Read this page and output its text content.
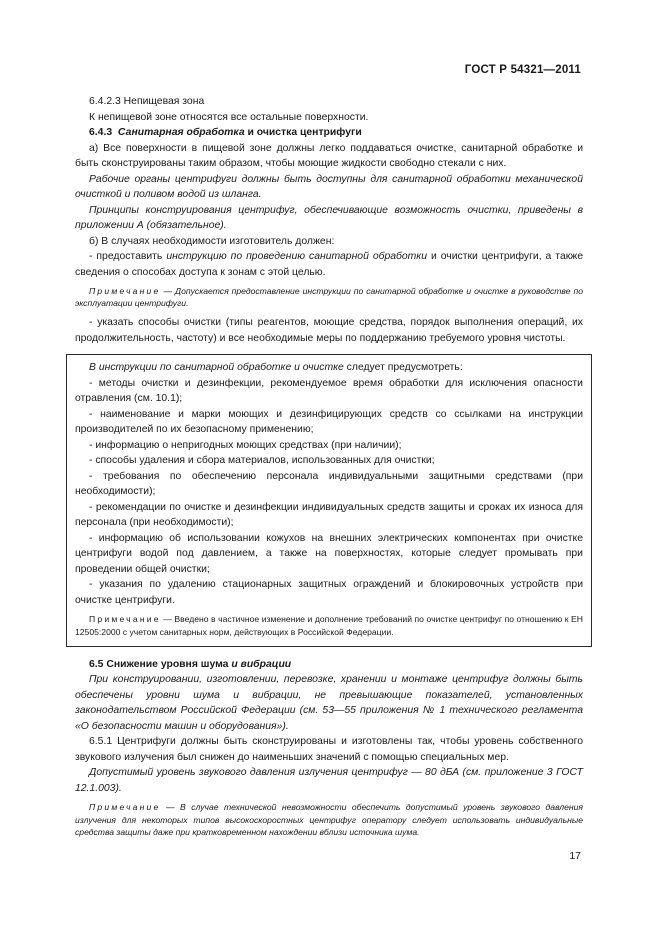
ГОСТ Р 54321—2011

6.4.2.3 Непищевая зона

К непищевой зоне относятся все остальные поверхности.

6.4.3 Санитарная обработка и очистка центрифуги

а) Все поверхности в пищевой зоне должны легко поддаваться очистке, санитарной обработке и быть сконструированы таким образом, чтобы моющие жидкости свободно стекали с них.

Рабочие органы центрифуги должны быть доступны для санитарной обработки механической очисткой и поливом водой из шланга.

Принципы конструирования центрифуг, обеспечивающие возможность очистки, приведены в приложении А (обязательное).

б) В случаях необходимости изготовитель должен:

- предоставить инструкцию по проведению санитарной обработки и очистки центрифуги, а также сведения о способах доступа к зонам с этой целью.

Примечание — Допускается предоставление инструкции по санитарной обработке и очистке в руководстве по эксплуатации центрифуги.

- указать способы очистки (типы реагентов, моющие средства, порядок выполнения операций, их продолжительность, частоту) и все необходимые меры по поддержанию требуемого уровня чистоты.

В инструкции по санитарной обработке и очистке следует предусмотреть:

- методы очистки и дезинфекции, рекомендуемое время обработки для исключения опасности отравления (см. 10.1);

- наименование и марки моющих и дезинфицирующих средств со ссылками на инструкции производителей по их безопасному применению;

- информацию о непригодных моющих средствах (при наличии);

- способы удаления и сбора материалов, использованных для очистки;

- требования по обеспечению персонала индивидуальными защитными средствами (при необходимости);

- рекомендации по очистке и дезинфекции индивидуальных средств защиты и сроках их износа для персонала (при необходимости);

- информацию об использовании кожухов на внешних электрических компонентах при очистке центрифуги водой под давлением, а также на поверхностях, которые следует промывать при проведении общей очистки;

- указания по удалению стационарных защитных ограждений и блокировочных устройств при очистке центрифуги.

Примечание — Введено в частичное изменение и дополнение требований по очистке центрифуг по отношению к ЕН 12505:2000 с учетом санитарных норм, действующих в Российской Федерации.

6.5 Снижение уровня шума и вибрации

При конструировании, изготовлении, перевозке, хранении и монтаже центрифуг должны быть обеспечены уровни шума и вибрации, не превышающие показателей, установленных законодательством Российской Федерации (см. 53—55 приложения № 1 технического регламента «О безопасности машин и оборудования»).

6.5.1 Центрифуги должны быть сконструированы и изготовлены так, чтобы уровень собственного звукового излучения был снижен до наименьших значений с помощью специальных мер.

Допустимый уровень звукового давления излучения центрифуг — 80 дБА (см. приложение 3 ГОСТ 12.1.003).

Примечание — В случае технической невозможности обеспечить допустимый уровень звукового давления излучения для некоторых типов высокоскоростных центрифуг оператору следует использовать индивидуальные средства защиты даже при кратковременном нахождении вблизи источника шума.

17
